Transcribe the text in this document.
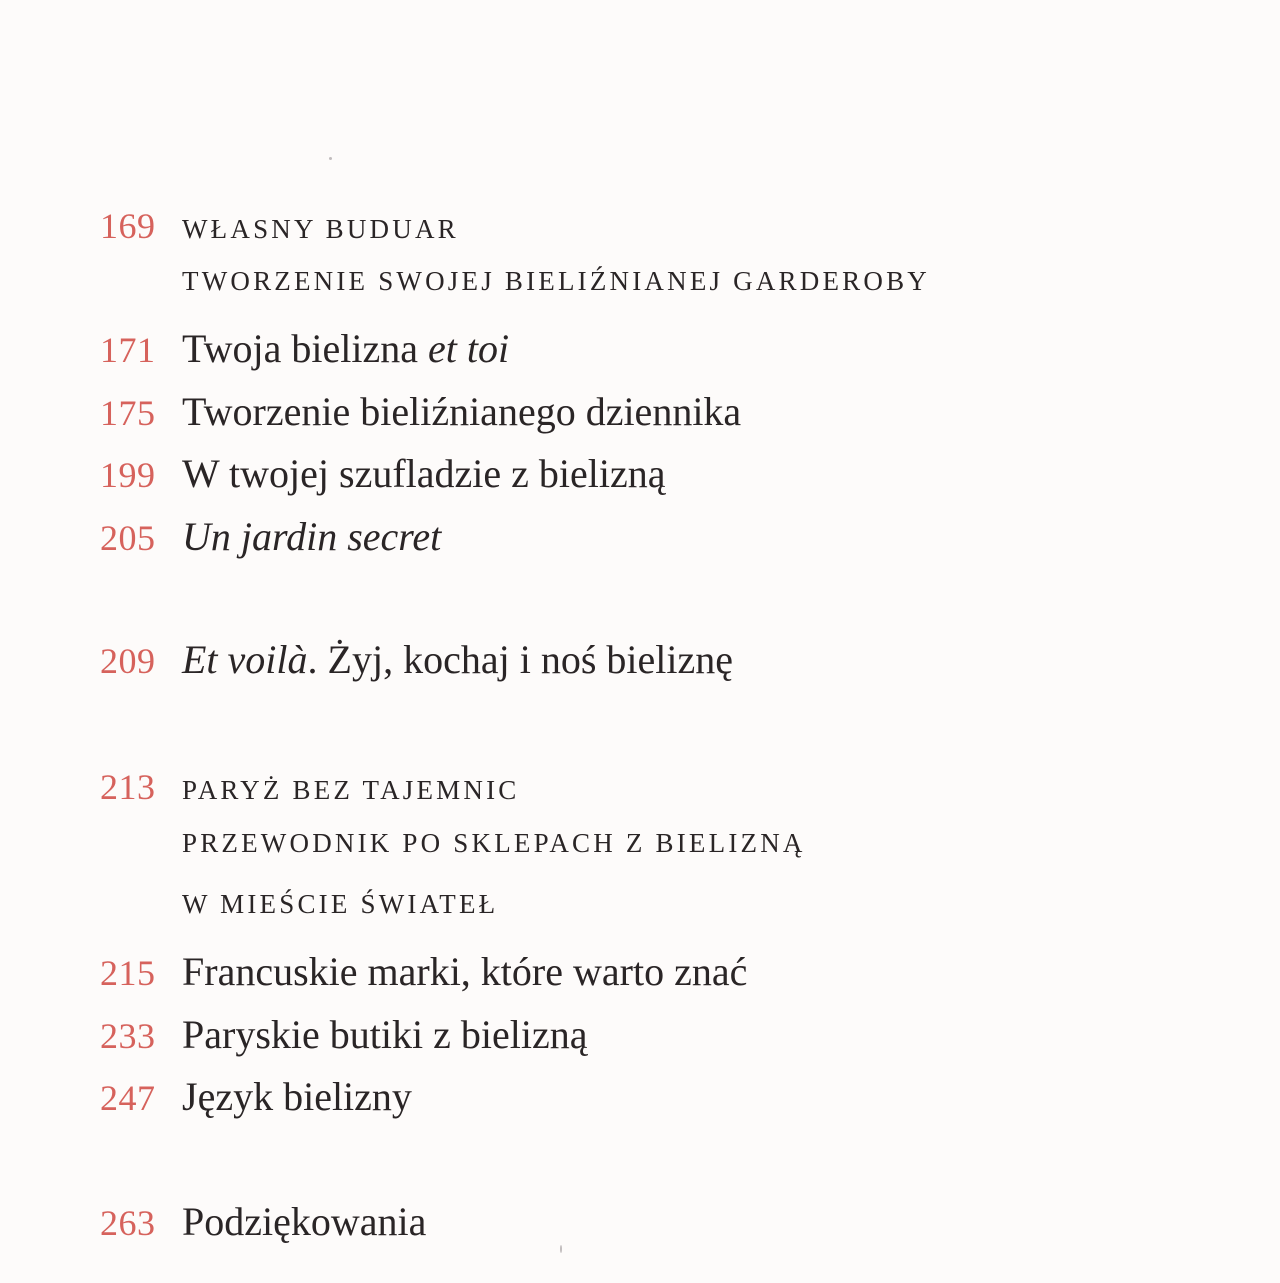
169 WŁASNY BUDUAR
TWORZENIE SWOJEJ BIELIŹNIANEJ GARDEROBY
171 Twoja bielizna et toi
175 Tworzenie bieliźnianego dziennika
199 W twojej szufladzie z bielizną
205 Un jardin secret
209 Et voilà. Żyj, kochaj i noś bieliznę
213 PARYŻ BEZ TAJEMNIC
PRZEWODNIK PO SKLEPACH Z BIELIZNĄ
W MIEŚCIE ŚWIATEŁ
215 Francuskie marki, które warto znać
233 Paryskie butiki z bielizną
247 Język bielizny
263 Podziękowania
